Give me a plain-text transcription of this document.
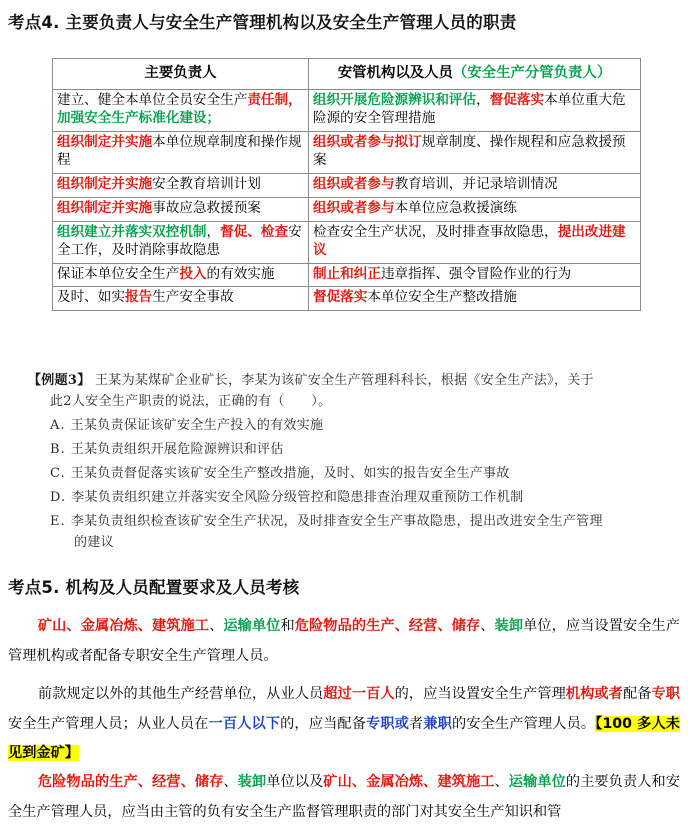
考点4. 主要负责人与安全生产管理机构以及安全生产管理人员的职责
主要负责人	安管机构以及人员（安全生产分管负责人）
建立、健全本单位全员安全生产责任制，加强安全生产标准化建设；	组织开展危险源辨识和评估，督促落实本单位重大危险源的安全管理措施
组织制定并实施本单位规章制度和操作规程	组织或者参与拟订规章制度、操作规程和应急救援预案
组织制定并实施安全教育培训计划	组织或者参与教育培训，并记录培训情况
组织制定并实施事故应急救援预案	组织或者参与本单位应急救援演练
组织建立并落实双控机制，督促、检查安全工作，及时消除事故隐患	检查安全生产状况，及时排查事故隐患，提出改进建议
保证本单位安全生产投入的有效实施	制止和纠正违章指挥、强令冒险作业的行为
及时、如实报告生产安全事故	督促落实本单位安全生产整改措施
【例题3】 王某为某煤矿企业矿长，李某为该矿安全生产管理科科长，根据《安全生产法》，关于
此2人安全生产职责的说法，正确的有（　　）。
A. 王某负责保证该矿安全生产投入的有效实施
B. 王某负责组织开展危险源辨识和评估
C. 王某负责督促落实该矿安全生产整改措施，及时、如实的报告安全生产事故
D. 李某负责组织建立并落实安全风险分级管控和隐患排查治理双重预防工作机制
E. 李某负责组织检查该矿安全生产状况，及时排查安全生产事故隐患，提出改进安全生产管理
的建议
考点5. 机构及人员配置要求及人员考核
矿山、金属冶炼、建筑施工、运输单位和危险物品的生产、经营、储存、装卸单位，应当设置安全生产管理机构或者配备专职安全生产管理人员。
前款规定以外的其他生产经营单位，从业人员超过一百人的，应当设置安全生产管理机构或者配备专职安全生产管理人员；从业人员在一百人以下的，应当配备专职或者兼职的安全生产管理人员。【100 多人未见到金矿】
危险物品的生产、经营、储存、装卸单位以及矿山、金属冶炼、建筑施工、运输单位的主要负责人和安全生产管理人员，应当由主管的负有安全生产监督管理职责的部门对其安全生产知识和管
